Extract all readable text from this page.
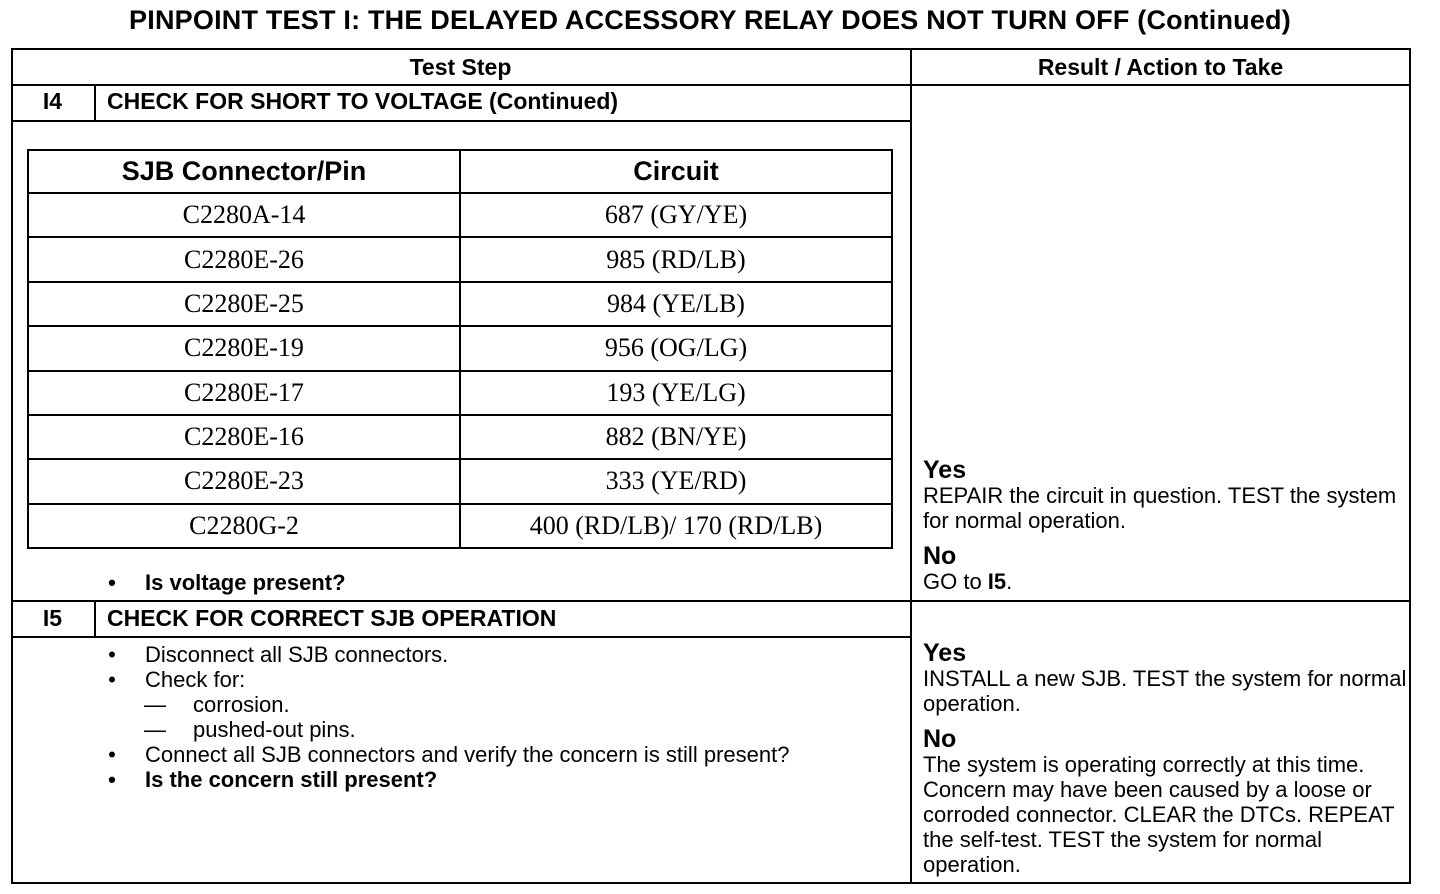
PINPOINT TEST I: THE DELAYED ACCESSORY RELAY DOES NOT TURN OFF (Continued)
Test Step	Result / Action to Take
I4	CHECK FOR SHORT TO VOLTAGE (Continued)
SJB Connector/Pin	Circuit
C2280A-14	687 (GY/YE)
C2280E-26	985 (RD/LB)
C2280E-25	984 (YE/LB)
C2280E-19	956 (OG/LG)
C2280E-17	193 (YE/LG)
C2280E-16	882 (BN/YE)
C2280E-23	333 (YE/RD)
C2280G-2	400 (RD/LB)/ 170 (RD/LB)
• Is voltage present?

Yes

REPAIR the circuit in question. TEST the system for normal operation.

No

GO to I5.

I5	CHECK FOR CORRECT SJB OPERATION
• Disconnect all SJB connectors.
• Check for:
— corrosion.
— pushed-out pins.
• Connect all SJB connectors and verify the concern is still present?
• Is the concern still present?

Yes

INSTALL a new SJB. TEST the system for normal operation.

No

The system is operating correctly at this time. Concern may have been caused by a loose or corroded connector. CLEAR the DTCs. REPEAT the self-test. TEST the system for normal operation.
